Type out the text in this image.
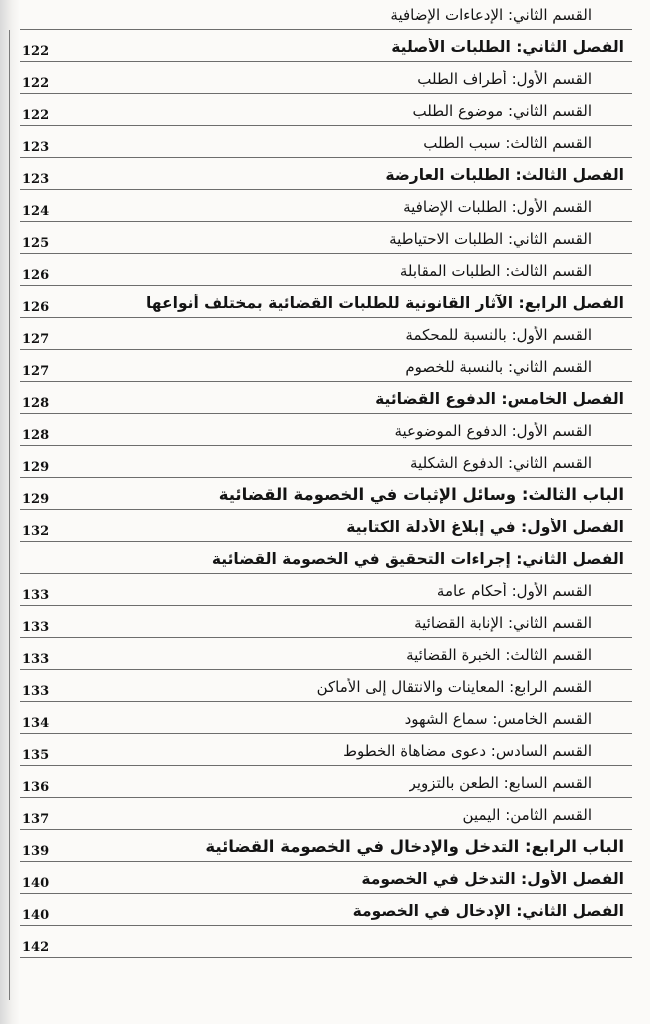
القسم الثاني: الإدعاءات الإضافية
الفصل الثاني: الطلبات الأصلية
122
القسم الأول: أطراف الطلب
122
القسم الثاني: موضوع الطلب
122
القسم الثالث: سبب الطلب
123
الفصل الثالث: الطلبات العارضة
123
القسم الأول: الطلبات الإضافية
124
القسم الثاني: الطلبات الاحتياطية
125
القسم الثالث: الطلبات المقابلة
126
الفصل الرابع: الآثار القانونية للطلبات القضائية بمختلف أنواعها
126
القسم الأول: بالنسبة للمحكمة
127
القسم الثاني: بالنسبة للخصوم
127
الفصل الخامس: الدفوع القضائية
128
القسم الأول: الدفوع الموضوعية
128
القسم الثاني: الدفوع الشكلية
129
الباب الثالث: وسائل الإثبات في الخصومة القضائية
129
الفصل الأول: في إبلاغ الأدلة الكتابية
132
الفصل الثاني: إجراءات التحقيق في الخصومة القضائية
القسم الأول: أحكام عامة
133
القسم الثاني: الإنابة القضائية
133
القسم الثالث: الخبرة القضائية
133
القسم الرابع: المعاينات والانتقال إلى الأماكن
133
القسم الخامس: سماع الشهود
134
القسم السادس: دعوى مضاهاة الخطوط
135
القسم السابع: الطعن بالتزوير
136
القسم الثامن: اليمين
137
الباب الرابع: التدخل والإدخال في الخصومة القضائية
139
الفصل الأول: التدخل في الخصومة
140
الفصل الثاني: الإدخال في الخصومة
140
142
